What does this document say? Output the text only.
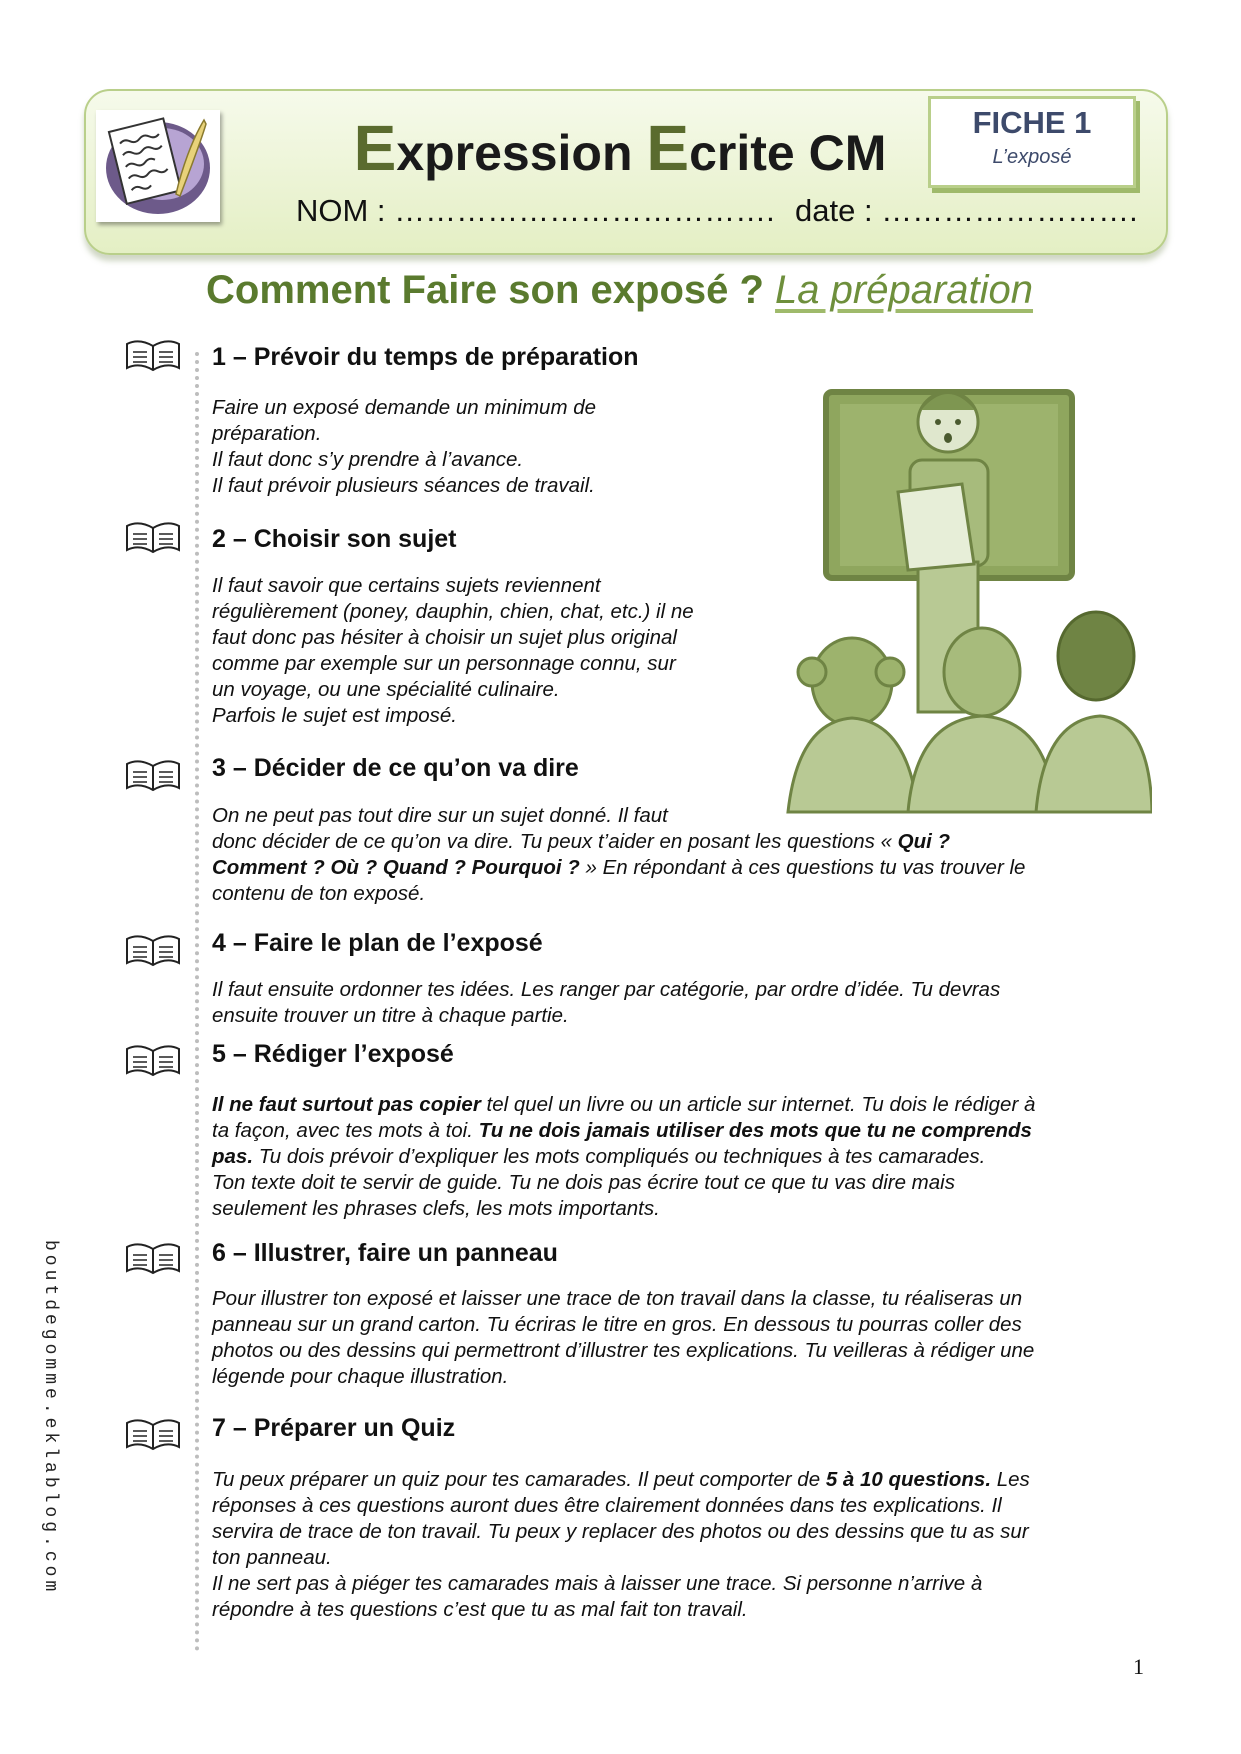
Expression Ecrite CM
NOM : ………………………………. date : …………………….
FICHE 1
L’exposé
Comment Faire son exposé ? La préparation
1 – Prévoir du temps de préparation
Faire un exposé demande un minimum de
préparation.
Il faut donc s’y prendre à l’avance.
Il faut prévoir plusieurs séances de travail.
2 – Choisir son sujet
Il faut savoir que certains sujets reviennent
régulièrement (poney, dauphin, chien, chat, etc.) il ne
faut donc pas hésiter à choisir un sujet plus original
comme par exemple sur un personnage connu, sur
un voyage, ou une spécialité culinaire.
Parfois le sujet est imposé.
3 – Décider de ce qu’on va dire
On ne peut pas tout dire sur un sujet donné. Il faut
donc décider de ce qu’on va dire. Tu peux t’aider en posant les questions « Qui ?
Comment ? Où ? Quand ? Pourquoi ? » En répondant à ces questions tu vas trouver le
contenu de ton exposé.
4 – Faire le plan de l’exposé
Il faut ensuite ordonner tes idées. Les ranger par catégorie, par ordre d’idée. Tu devras
ensuite trouver un titre à chaque partie.
5 – Rédiger l’exposé
Il ne faut surtout pas copier tel quel un livre ou un article sur internet. Tu dois le rédiger à
ta façon, avec tes mots à toi. Tu ne dois jamais utiliser des mots que tu ne comprends
pas. Tu dois prévoir d’expliquer les mots compliqués ou techniques à tes camarades.
Ton texte doit te servir de guide. Tu ne dois pas écrire tout ce que tu vas dire mais
seulement les phrases clefs, les mots importants.
6 – Illustrer, faire un panneau
Pour illustrer ton exposé et laisser une trace de ton travail dans la classe, tu réaliseras un
panneau sur un grand carton. Tu écriras le titre en gros. En dessous tu pourras coller des
photos ou des dessins qui permettront d’illustrer tes explications. Tu veilleras à rédiger une
légende pour chaque illustration.
7 – Préparer un Quiz
Tu peux préparer un quiz pour tes camarades. Il peut comporter de 5 à 10 questions. Les
réponses à ces questions auront dues être clairement données dans tes explications. Il
servira de trace de ton travail. Tu peux y replacer des photos ou des dessins que tu as sur
ton panneau.
Il ne sert pas à piéger tes camarades mais à laisser une trace. Si personne n’arrive à
répondre à tes questions c’est que tu as mal fait ton travail.
boutdegomme.eklablog.com
1
